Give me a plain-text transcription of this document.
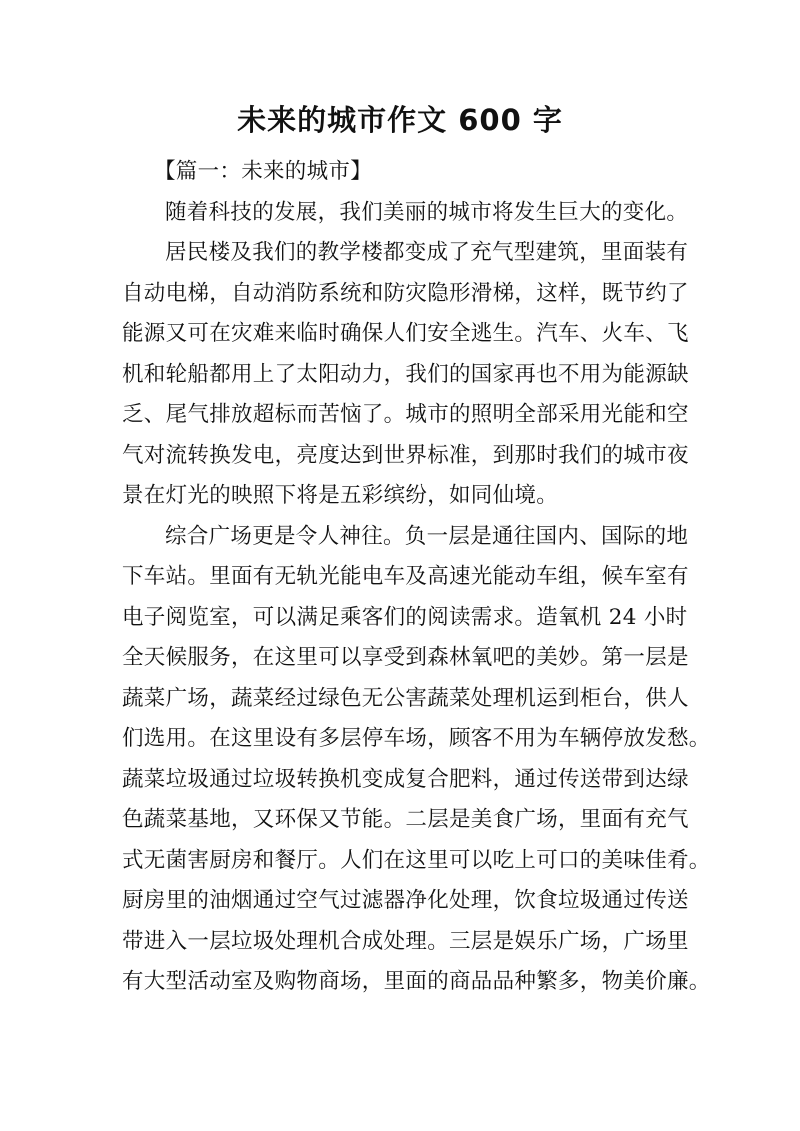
未来的城市作文 600 字
【篇一：未来的城市】
随着科技的发展，我们美丽的城市将发生巨大的变化。
居民楼及我们的教学楼都变成了充气型建筑，里面装有
自动电梯，自动消防系统和防灾隐形滑梯，这样，既节约了
能源又可在灾难来临时确保人们安全逃生。汽车、火车、飞
机和轮船都用上了太阳动力，我们的国家再也不用为能源缺
乏、尾气排放超标而苦恼了。城市的照明全部采用光能和空
气对流转换发电，亮度达到世界标准，到那时我们的城市夜
景在灯光的映照下将是五彩缤纷，如同仙境。
综合广场更是令人神往。负一层是通往国内、国际的地
下车站。里面有无轨光能电车及高速光能动车组，候车室有
电子阅览室，可以满足乘客们的阅读需求。造氧机 24 小时
全天候服务，在这里可以享受到森林氧吧的美妙。第一层是
蔬菜广场，蔬菜经过绿色无公害蔬菜处理机运到柜台，供人
们选用。在这里设有多层停车场，顾客不用为车辆停放发愁。
蔬菜垃圾通过垃圾转换机变成复合肥料，通过传送带到达绿
色蔬菜基地，又环保又节能。二层是美食广场，里面有充气
式无菌害厨房和餐厅。人们在这里可以吃上可口的美味佳肴。
厨房里的油烟通过空气过滤器净化处理，饮食垃圾通过传送
带进入一层垃圾处理机合成处理。三层是娱乐广场，广场里
有大型活动室及购物商场，里面的商品品种繁多，物美价廉。
